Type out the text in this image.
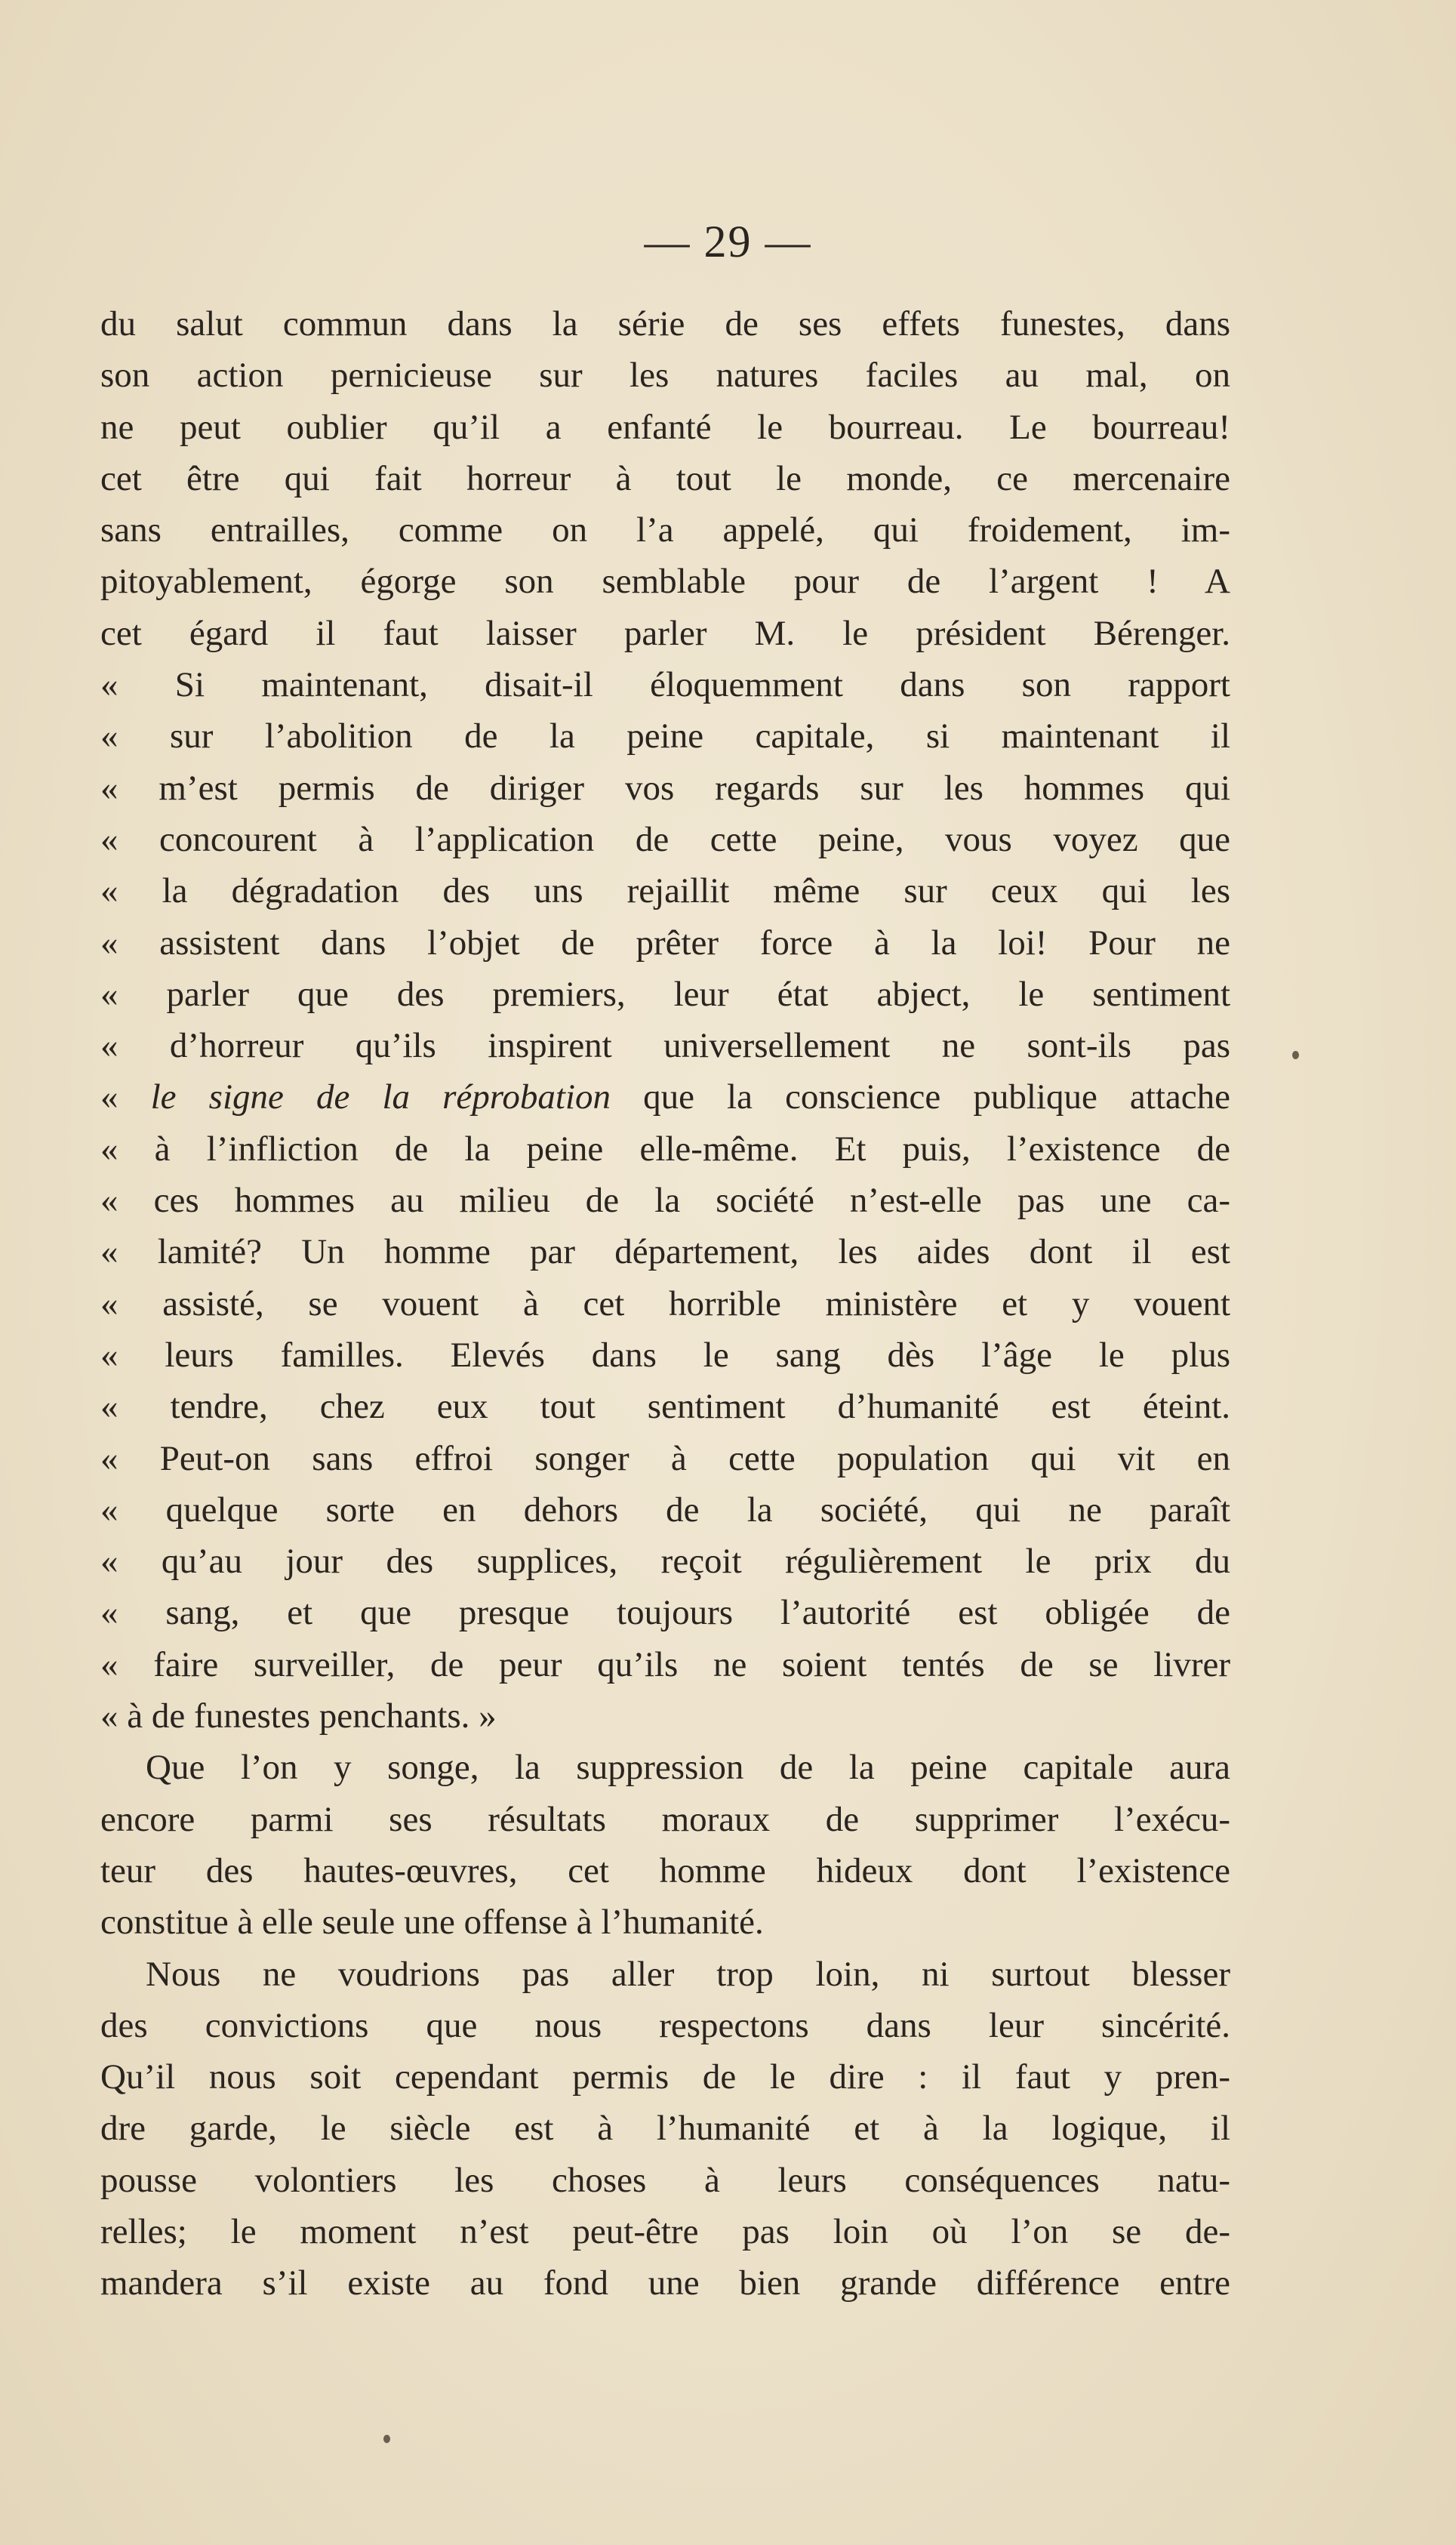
— 29 —
du salut commun dans la série de ses effets funestes, dans
son action pernicieuse sur les natures faciles au mal, on
ne peut oublier qu’il a enfanté le bourreau. Le bourreau!
cet être qui fait horreur à tout le monde, ce mercenaire
sans entrailles, comme on l’a appelé, qui froidement, im-
pitoyablement, égorge son semblable pour de l’argent ! A
cet égard il faut laisser parler M. le président Bérenger.
« Si maintenant, disait-il éloquemment dans son rapport
« sur l’abolition de la peine capitale, si maintenant il
« m’est permis de diriger vos regards sur les hommes qui
« concourent à l’application de cette peine, vous voyez que
« la dégradation des uns rejaillit même sur ceux qui les
« assistent dans l’objet de prêter force à la loi! Pour ne
« parler que des premiers, leur état abject, le sentiment
« d’horreur qu’ils inspirent universellement ne sont-ils pas
« le signe de la réprobation que la conscience publique attache
« à l’infliction de la peine elle-même. Et puis, l’existence de
« ces hommes au milieu de la société n’est-elle pas une ca-
« lamité? Un homme par département, les aides dont il est
« assisté, se vouent à cet horrible ministère et y vouent
« leurs familles. Elevés dans le sang dès l’âge le plus
« tendre, chez eux tout sentiment d’humanité est éteint.
« Peut-on sans effroi songer à cette population qui vit en
« quelque sorte en dehors de la société, qui ne paraît
« qu’au jour des supplices, reçoit régulièrement le prix du
« sang, et que presque toujours l’autorité est obligée de
« faire surveiller, de peur qu’ils ne soient tentés de se livrer
« à de funestes penchants. »
Que l’on y songe, la suppression de la peine capitale aura
encore parmi ses résultats moraux de supprimer l’exécu-
teur des hautes-œuvres, cet homme hideux dont l’existence
constitue à elle seule une offense à l’humanité.
Nous ne voudrions pas aller trop loin, ni surtout blesser
des convictions que nous respectons dans leur sincérité.
Qu’il nous soit cependant permis de le dire : il faut y pren-
dre garde, le siècle est à l’humanité et à la logique, il
pousse volontiers les choses à leurs conséquences natu-
relles; le moment n’est peut-être pas loin où l’on se de-
mandera s’il existe au fond une bien grande différence entre
